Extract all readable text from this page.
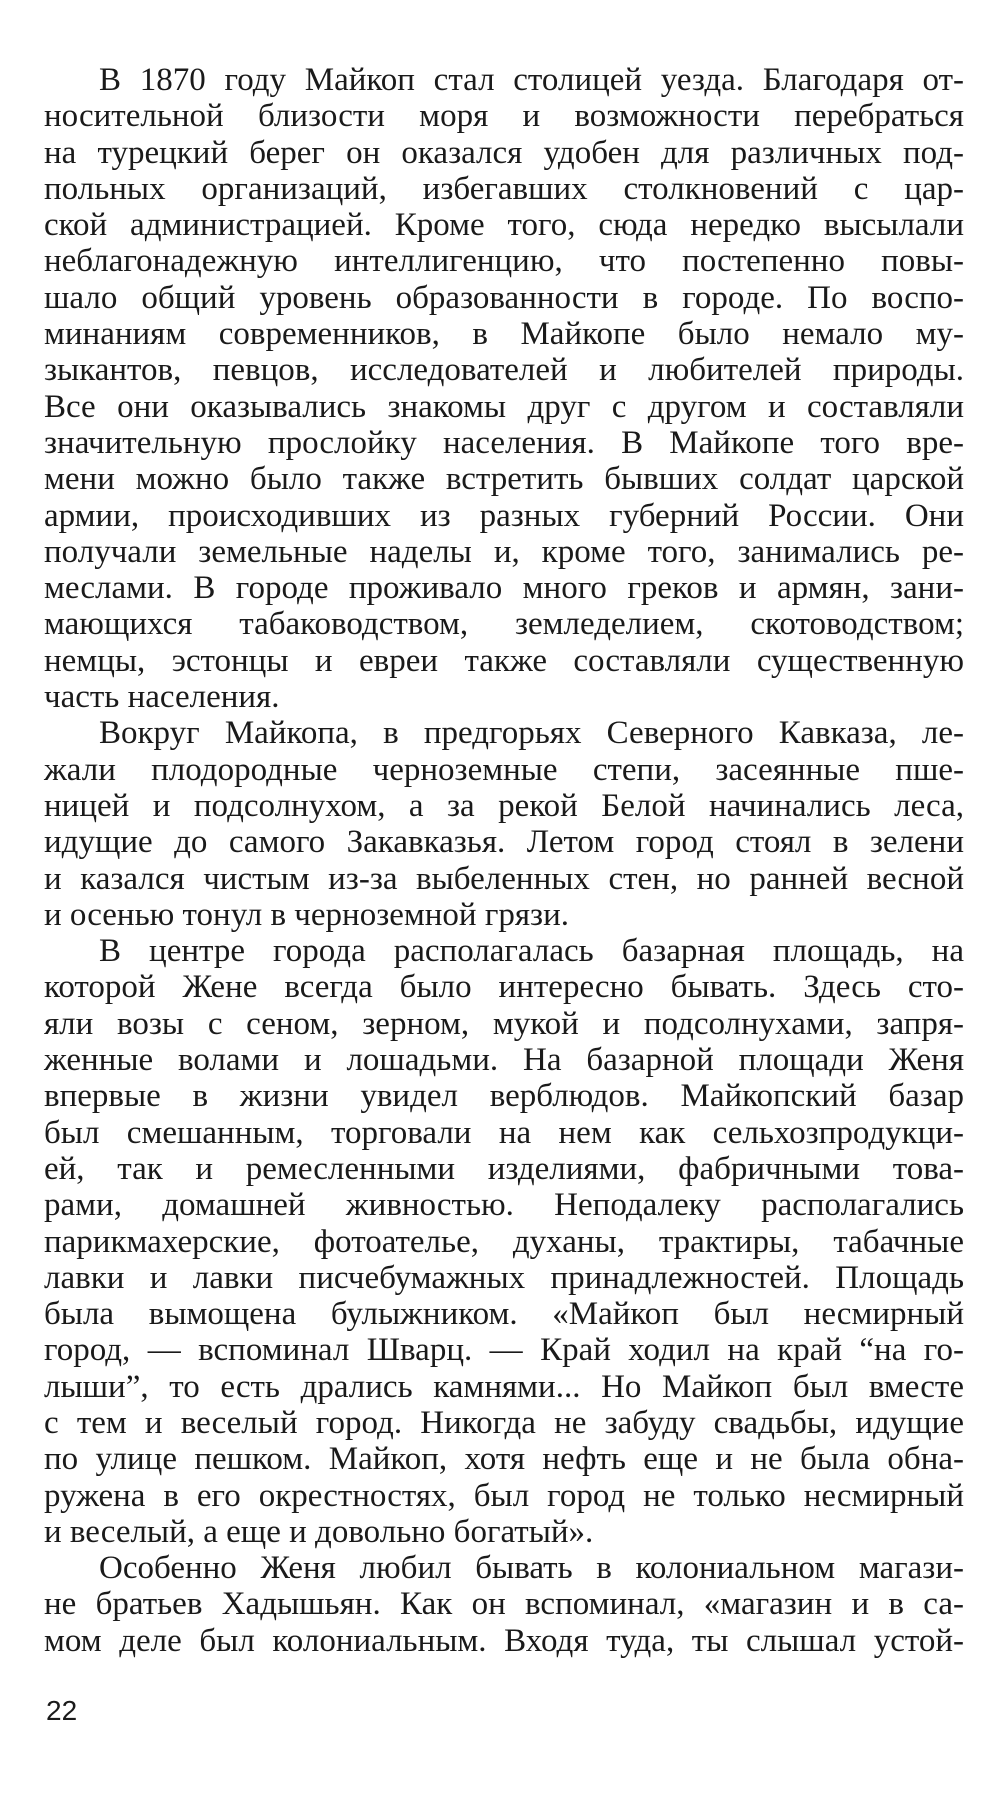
В 1870 году Майкоп стал столицей уезда. Благодаря от-
носительной близости моря и возможности перебраться
на турецкий берег он оказался удобен для различных под-
польных организаций, избегавших столкновений с цар-
ской администрацией. Кроме того, сюда нередко высылали
неблагонадежную интеллигенцию, что постепенно повы-
шало общий уровень образованности в городе. По воспо-
минаниям современников, в Майкопе было немало му-
зыкантов, певцов, исследователей и любителей природы.
Все они оказывались знакомы друг с другом и составляли
значительную прослойку населения. В Майкопе того вре-
мени можно было также встретить бывших солдат царской
армии, происходивших из разных губерний России. Они
получали земельные наделы и, кроме того, занимались ре-
меслами. В городе проживало много греков и армян, зани-
мающихся табаководством, земледелием, скотоводством;
немцы, эстонцы и евреи также составляли существенную
часть населения.
Вокруг Майкопа, в предгорьях Северного Кавказа, ле-
жали плодородные черноземные степи, засеянные пше-
ницей и подсолнухом, а за рекой Белой начинались леса,
идущие до самого Закавказья. Летом город стоял в зелени
и казался чистым из-за выбеленных стен, но ранней весной
и осенью тонул в черноземной грязи.
В центре города располагалась базарная площадь, на
которой Жене всегда было интересно бывать. Здесь сто-
яли возы с сеном, зерном, мукой и подсолнухами, запря-
женные волами и лошадьми. На базарной площади Женя
впервые в жизни увидел верблюдов. Майкопский базар
был смешанным, торговали на нем как сельхозпродукци-
ей, так и ремесленными изделиями, фабричными това-
рами, домашней живностью. Неподалеку располагались
парикмахерские, фотоателье, духаны, трактиры, табачные
лавки и лавки писчебумажных принадлежностей. Площадь
была вымощена булыжником. «Майкоп был несмирный
город, — вспоминал Шварц. — Край ходил на край “на го-
лыши”, то есть дрались камнями... Но Майкоп был вместе
с тем и веселый город. Никогда не забуду свадьбы, идущие
по улице пешком. Майкоп, хотя нефть еще и не была обна-
ружена в его окрестностях, был город не только несмирный
и веселый, а еще и довольно богатый».
Особенно Женя любил бывать в колониальном магази-
не братьев Хадышьян. Как он вспоминал, «магазин и в са-
мом деле был колониальным. Входя туда, ты слышал устой-
22
